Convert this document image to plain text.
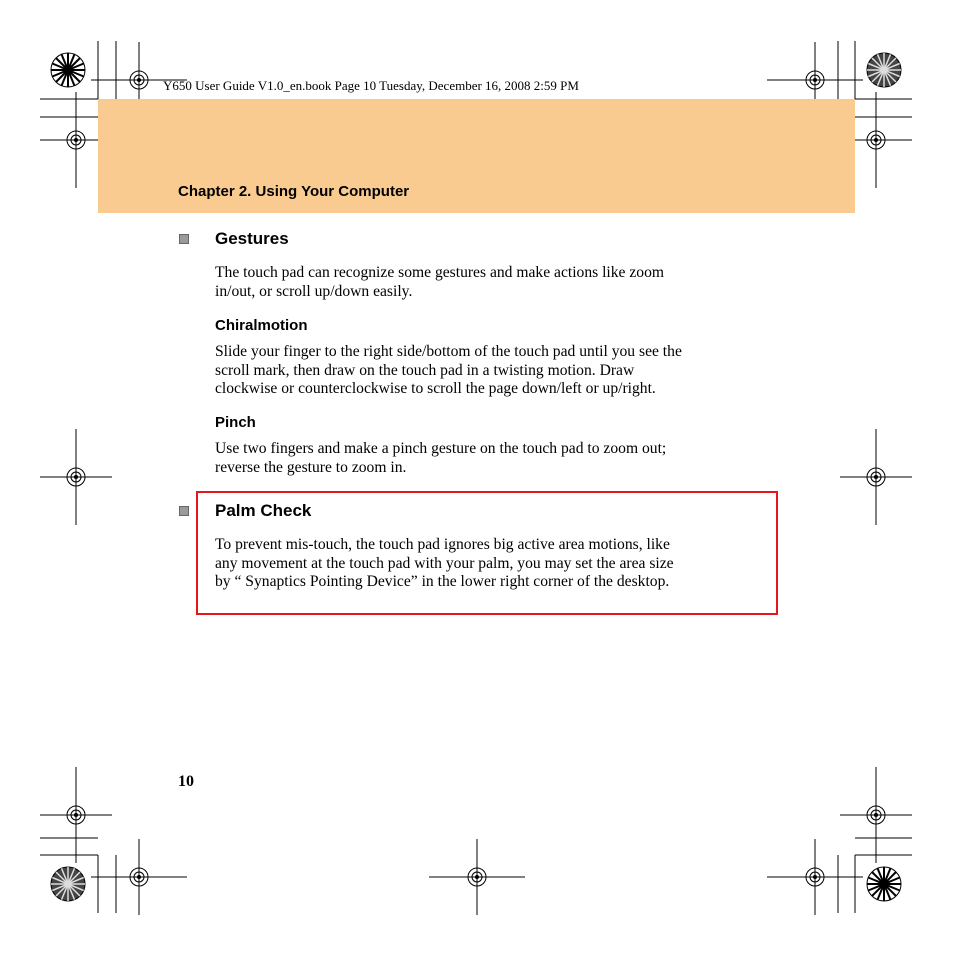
Y650 User Guide V1.0_en.book Page 10 Tuesday, December 16, 2008 2:59 PM
Chapter 2. Using Your Computer
Gestures
The touch pad can recognize some gestures and make actions like zoom
in/out, or scroll up/down easily.
Chiralmotion
Slide your finger to the right side/bottom of the touch pad until you see the
scroll mark, then draw on the touch pad in a twisting motion. Draw
clockwise or counterclockwise to scroll the page down/left or up/right.
Pinch
Use two fingers and make a pinch gesture on the touch pad to zoom out;
reverse the gesture to zoom in.
Palm Check
To prevent mis-touch, the touch pad ignores big active area motions, like
any movement at the touch pad with your palm, you may set the area size
by “ Synaptics Pointing Device” in the lower right corner of the desktop.
10
